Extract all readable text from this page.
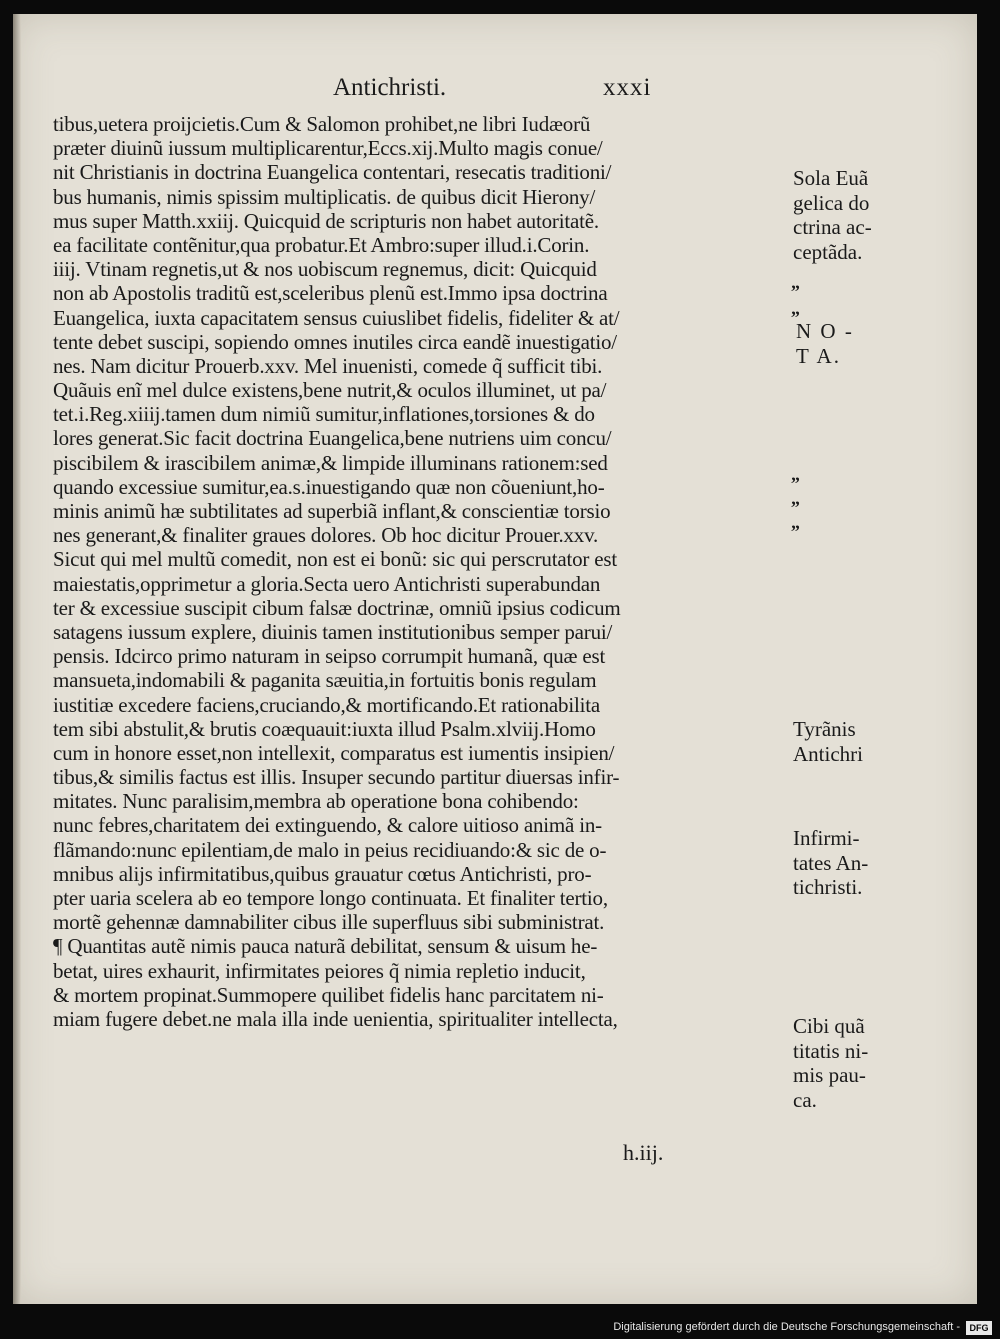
Antichristi.	xxxi
tibus,uetera proijcietis.Cum & Salomon prohibet,ne libri Iudæorũ
præter diuinũ iussum multiplicarentur,Eccs.xij.Multo magis conue/
nit Christianis in doctrina Euangelica contentari, resecatis traditioni/
bus humanis, nimis spissim multiplicatis. de quibus dicit Hierony/
mus super Matth.xxiij. Quicquid de scripturis non habet autoritatẽ.
ea facilitate contẽnitur,qua probatur.Et Ambro:super illud.i.Corin.
iiij. Vtinam regnetis,ut & nos uobiscum regnemus, dicit: Quicquid
non ab Apostolis traditũ est,sceleribus plenũ est.Immo ipsa doctrina
Euangelica, iuxta capacitatem sensus cuiuslibet fidelis, fideliter & at/
tente debet suscipi, sopiendo omnes inutiles circa eandẽ inuestigatio/
nes. Nam dicitur Prouerb.xxv. Mel inuenisti, comede q̃ sufficit tibi.
Quãuis enĩ mel dulce existens,bene nutrit,& oculos illuminet, ut pa/
tet.i.Reg.xiiij.tamen dum nimiũ sumitur,inflationes,torsiones & do
lores generat.Sic facit doctrina Euangelica,bene nutriens uim concu/
piscibilem & irascibilem animæ,& limpide illuminans rationem:sed
quando excessiue sumitur,ea.s.inuestigando quæ non cõueniunt,ho-
minis animũ hæ subtilitates ad superbiã inflant,& conscientiæ torsio
nes generant,& finaliter graues dolores. Ob hoc dicitur Prouer.xxv.
Sicut qui mel multũ comedit, non est ei bonũ: sic qui perscrutator est
maiestatis,opprimetur a gloria.Secta uero Antichristi superabundan
ter & excessiue suscipit cibum falsæ doctrinæ, omniũ ipsius codicum
satagens iussum explere, diuinis tamen institutionibus semper parui/
pensis. Idcirco primo naturam in seipso corrumpit humanã, quæ est
mansueta,indomabili & paganita sæuitia,in fortuitis bonis regulam
iustitiæ excedere faciens,cruciando,& mortificando.Et rationabilita
tem sibi abstulit,& brutis coæquauit:iuxta illud Psalm.xlviij.Homo
cum in honore esset,non intellexit, comparatus est iumentis insipien/
tibus,& similis factus est illis. Insuper secundo partitur diuersas infir-
mitates. Nunc paralisim,membra ab operatione bona cohibendo:
nunc febres,charitatem dei extinguendo, & calore uitioso animã in-
flãmando:nunc epilentiam,de malo in peius recidiuando:& sic de o-
mnibus alijs infirmitatibus,quibus grauatur cœtus Antichristi, pro-
pter uaria scelera ab eo tempore longo continuata. Et finaliter tertio,
mortẽ gehennæ damnabiliter cibus ille superfluus sibi subministrat.
¶ Quantitas autẽ nimis pauca naturã debilitat, sensum & uisum he-
betat, uires exhaurit, infirmitates peiores q̃ nimia repletio inducit,
& mortem propinat.Summopere quilibet fidelis hanc parcitatem ni-
miam fugere debet.ne mala illa inde uenientia, spiritualiter intellecta,
Sola Euã
gelica do
ctrina ac-
ceptãda.
„
„
N O -
T A.
„
„
„
Tyrãnis
Antichri
Infirmi-
tates An-
tichristi.
Cibi quã
titatis ni-
mis pau-
ca.
h.iij.
Digitalisierung gefördert durch die Deutsche Forschungsgemeinschaft -	DFG
